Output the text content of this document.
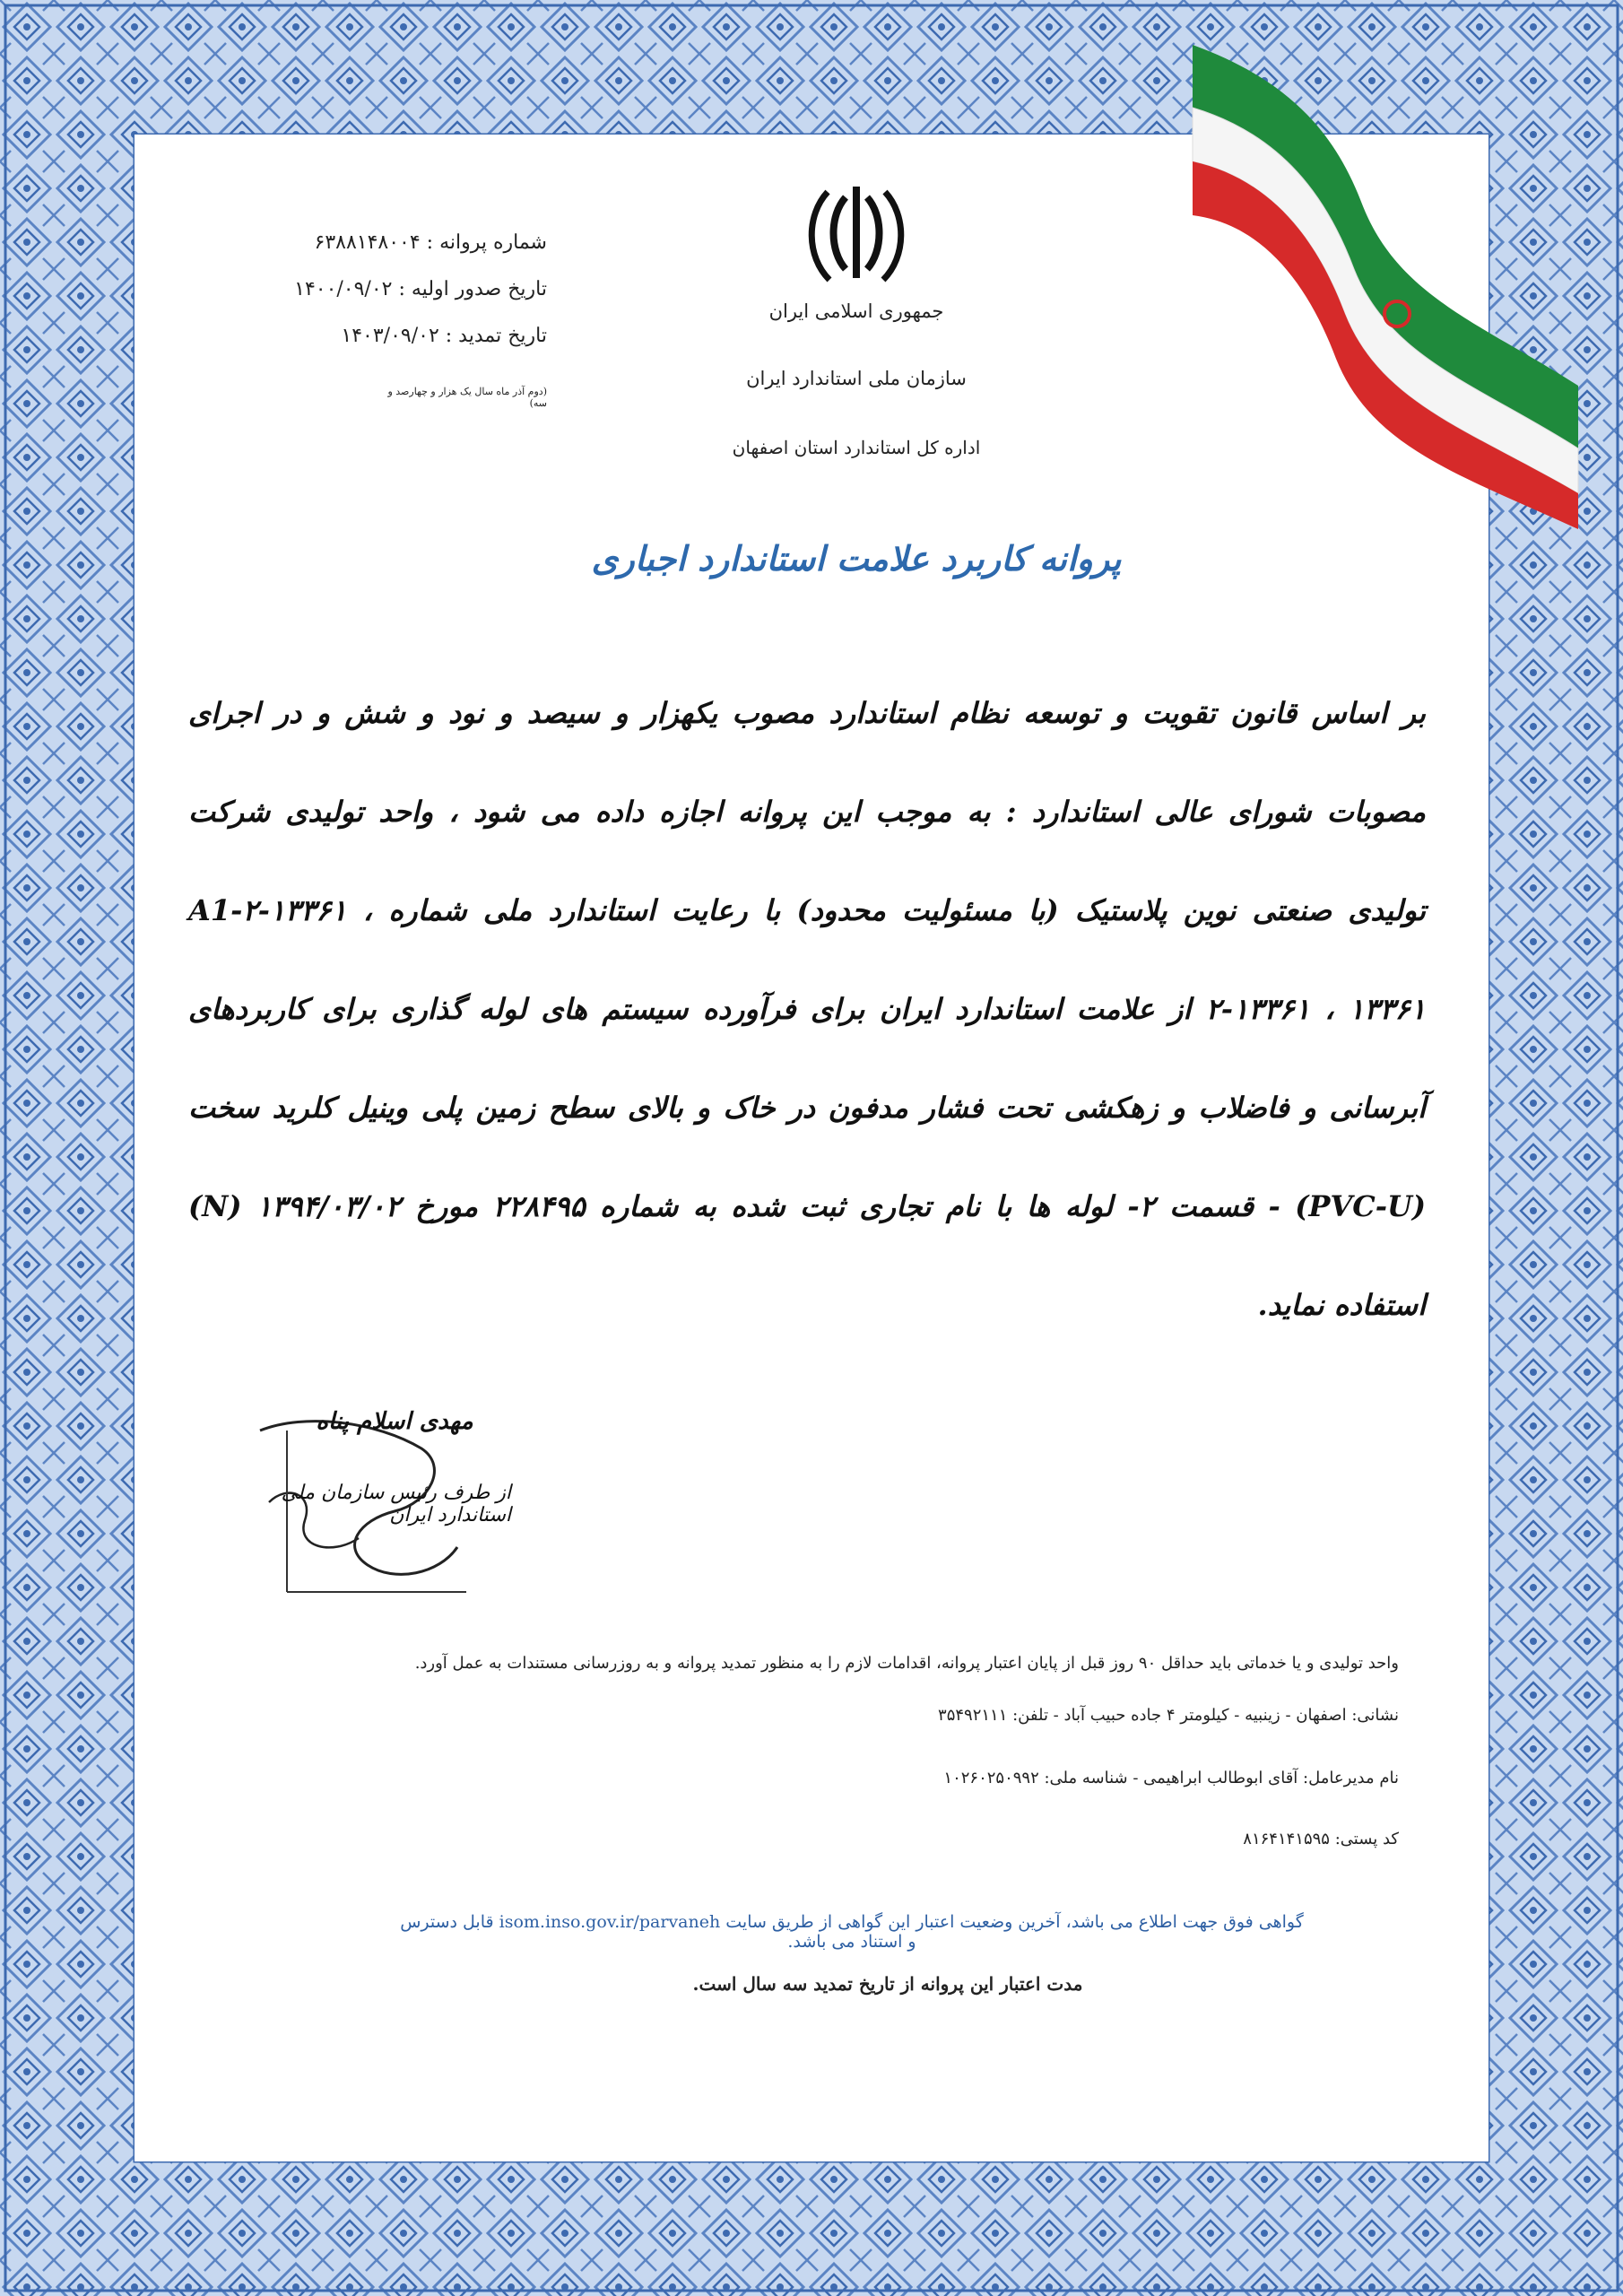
جمهوری اسلامی ایران
سازمان ملی استاندارد ایران
اداره کل استاندارد استان اصفهان
شماره پروانه : ۶۳۸۸۱۴۸۰۰۴
تاریخ صدور اولیه : ۱۴۰۰/۰۹/۰۲
تاریخ تمدید : ۱۴۰۳/۰۹/۰۲
(دوم آذر ماه سال یک هزار و چهارصد و سه)
پروانه کاربرد علامت استاندارد اجباری
بر اساس قانون تقویت و توسعه نظام استاندارد مصوب یکهزار و سیصد و نود و شش و در اجرای مصوبات شورای عالی استاندارد : به موجب این پروانه اجازه داده می شود ، واحد تولیدی شرکت تولیدی صنعتی نوین پلاستیک (با مسئولیت محدود) با رعایت استاندارد ملی شماره A1-۲-۱۳۳۶۱ ، ۲-۱۳۳۶۱ ، ۱۳۳۶۱ از علامت استاندارد ایران برای فرآورده سیستم های لوله گذاری برای کاربردهای آبرسانی و فاضلاب و زهکشی تحت فشار مدفون در خاک و بالای سطح زمین پلی وینیل کلرید سخت (PVC-U) - قسمت ۲- لوله ها با نام تجاری ثبت شده به شماره ۲۲۸۴۹۵ مورخ ۱۳۹۴/۰۳/۰۲ (N) استفاده نماید.
مهدی اسلام پناه
از طرف رئیس سازمان ملی استاندارد ایران
واحد تولیدی و یا خدماتی باید حداقل ۹۰ روز قبل از پایان اعتبار پروانه، اقدامات لازم را به منظور تمدید پروانه و به روزرسانی مستندات به عمل آورد.
نشانی: اصفهان - زینبیه - کیلومتر ۴ جاده حبیب آباد - تلفن: ۳۵۴۹۲۱۱۱
نام مدیرعامل: آقای ابوطالب ابراهیمی - شناسه ملی: ۱۰۲۶۰۲۵۰۹۹۲
کد پستی: ۸۱۶۴۱۴۱۵۹۵
گواهی فوق جهت اطلاع می باشد، آخرین وضعیت اعتبار این گواهی از طریق سایت isom.inso.gov.ir/parvaneh قابل دسترس و استناد می باشد.
مدت اعتبار این پروانه از تاریخ تمدید سه سال است.
